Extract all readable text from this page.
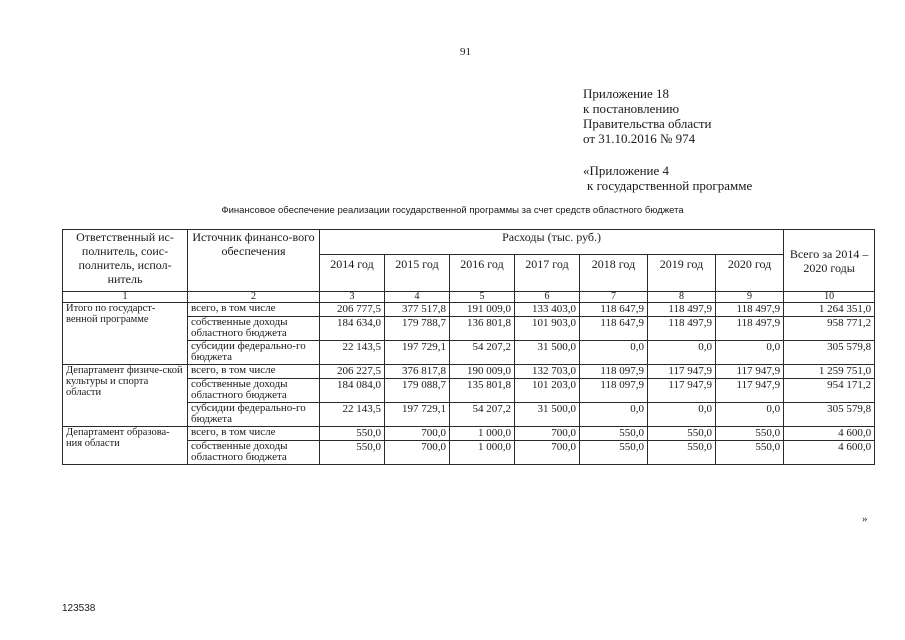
91
Приложение 18
к постановлению
Правительства области
от 31.10.2016 № 974
«Приложение 4
к государственной программе
Финансовое обеспечение реализации государственной программы за счет средств областного бюджета
Ответственный ис-полнитель, соис-полнитель, испол-нитель	Источник финансо-вого обеспечения	Расходы (тыс. руб.)							Всего за 2014 – 2020 годы
		2014 год	2015 год	2016 год	2017 год	2018 год	2019 год	2020 год	
1	2	3	4	5	6	7	8	9	10
Итого по государст-венной программе	всего, в том числе	206 777,5	377 517,8	191 009,0	133 403,0	118 647,9	118 497,9	118 497,9	1 264 351,0
	собственные доходы областного бюджета	184 634,0	179 788,7	136 801,8	101 903,0	118 647,9	118 497,9	118 497,9	958 771,2
	субсидии федерально-го бюджета	22 143,5	197 729,1	54 207,2	31 500,0	0,0	0,0	0,0	305 579,8
Департамент физиче-ской культуры и спорта области	всего, в том числе	206 227,5	376 817,8	190 009,0	132 703,0	118 097,9	117 947,9	117 947,9	1 259 751,0
	собственные доходы областного бюджета	184 084,0	179 088,7	135 801,8	101 203,0	118 097,9	117 947,9	117 947,9	954 171,2
	субсидии федерально-го бюджета	22 143,5	197 729,1	54 207,2	31 500,0	0,0	0,0	0,0	305 579,8
Департамент образова-ния области	всего, в том числе	550,0	700,0	1 000,0	700,0	550,0	550,0	550,0	4 600,0
	собственные доходы областного бюджета	550,0	700,0	1 000,0	700,0	550,0	550,0	550,0	4 600,0
»
123538
